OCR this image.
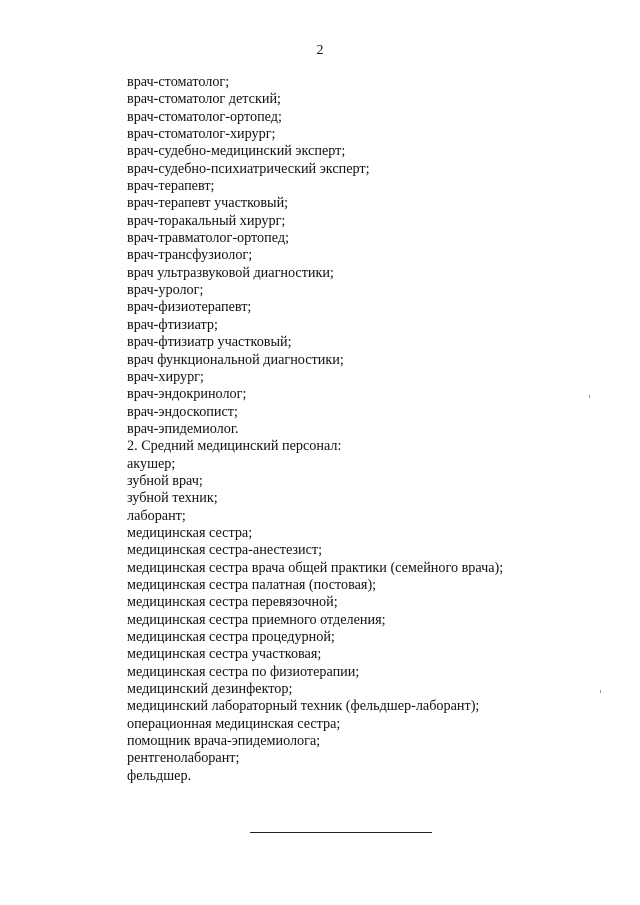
2
врач-стоматолог;
врач-стоматолог детский;
врач-стоматолог-ортопед;
врач-стоматолог-хирург;
врач-судебно-медицинский эксперт;
врач-судебно-психиатрический эксперт;
врач-терапевт;
врач-терапевт участковый;
врач-торакальный хирург;
врач-травматолог-ортопед;
врач-трансфузиолог;
врач ультразвуковой диагностики;
врач-уролог;
врач-физиотерапевт;
врач-фтизиатр;
врач-фтизиатр участковый;
врач функциональной диагностики;
врач-хирург;
врач-эндокринолог;
врач-эндоскопист;
врач-эпидемиолог.
2. Средний медицинский персонал:
акушер;
зубной врач;
зубной техник;
лаборант;
медицинская сестра;
медицинская сестра-анестезист;
медицинская сестра врача общей практики (семейного врача);
медицинская сестра палатная (постовая);
медицинская сестра перевязочной;
медицинская сестра приемного отделения;
медицинская сестра процедурной;
медицинская сестра участковая;
медицинская сестра по физиотерапии;
медицинский дезинфектор;
медицинский лабораторный техник (фельдшер-лаборант);
операционная медицинская сестра;
помощник врача-эпидемиолога;
рентгенолаборант;
фельдшер.
